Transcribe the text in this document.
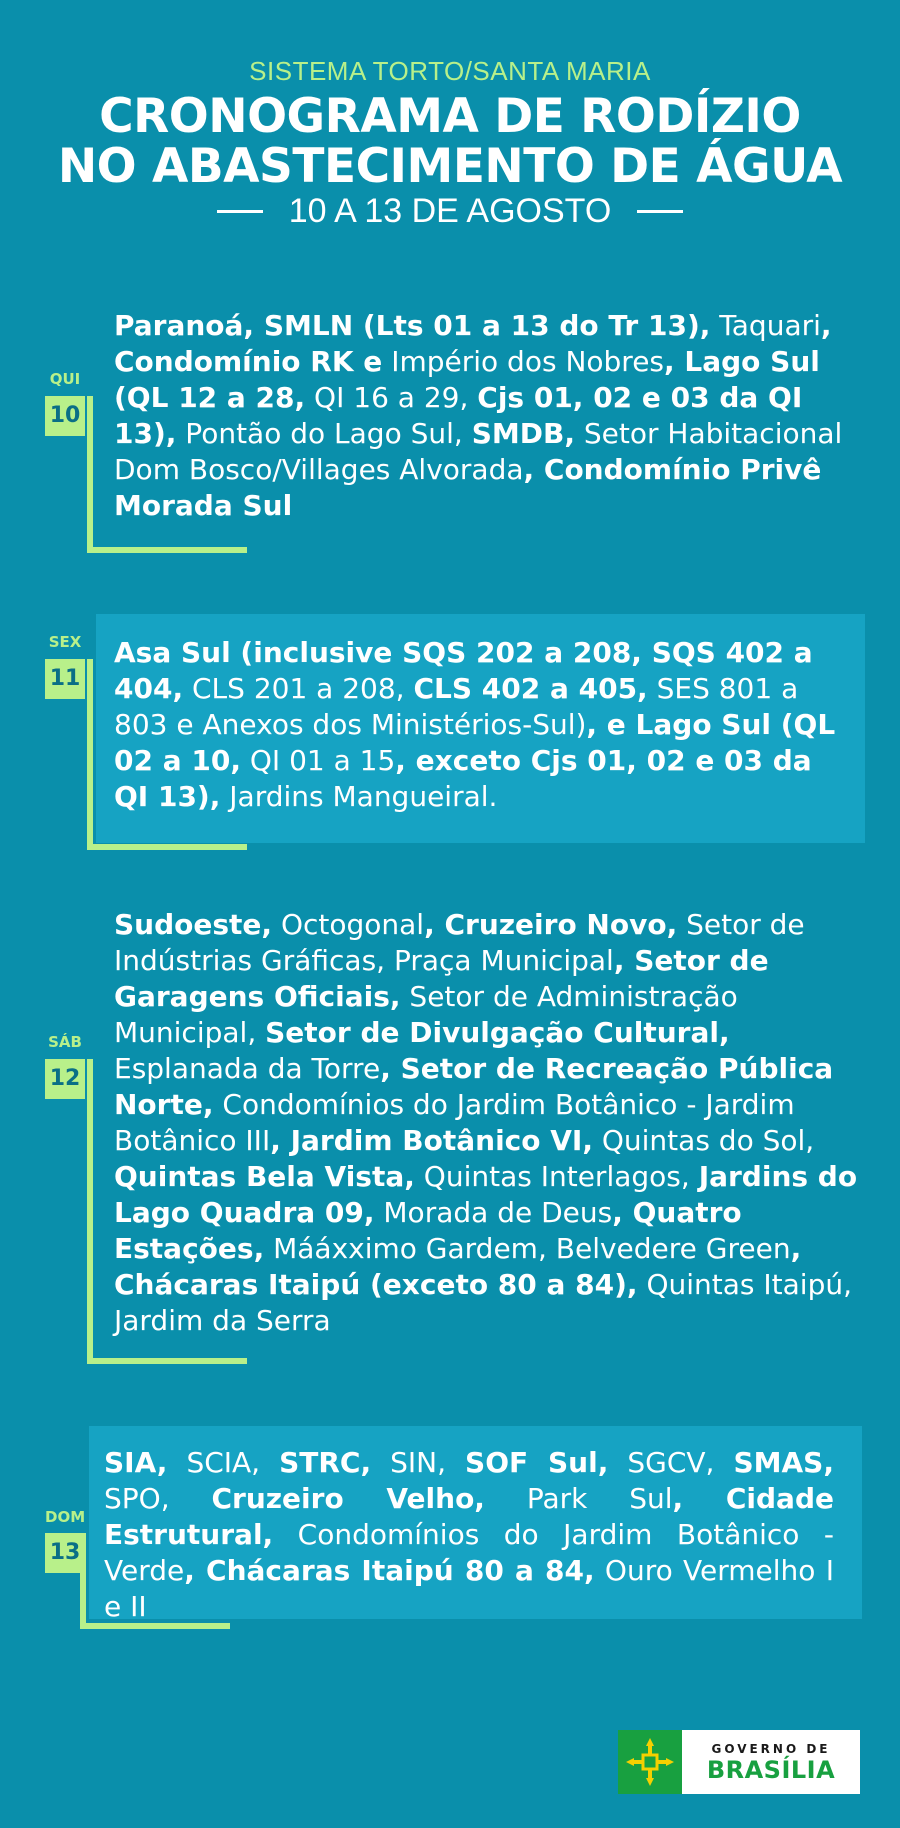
SISTEMA TORTO/SANTA MARIA
CRONOGRAMA DE RODÍZIO
NO ABASTECIMENTO DE ÁGUA
10 A 13 DE AGOSTO
QUI
10
Paranoá, SMLN (Lts 01 a 13 do Tr 13), Taquari, Condomínio RK e Império dos Nobres, Lago Sul (QL 12 a 28, QI 16 a 29, Cjs 01, 02 e 03 da QI 13), Pontão do Lago Sul, SMDB, Setor Habitacional Dom Bosco/Villages Alvorada, Condomínio Privê Morada Sul
SEX
11
Asa Sul (inclusive SQS 202 a 208, SQS 402 a 404, CLS 201 a 208, CLS 402 a 405, SES 801 a 803 e Anexos dos Ministérios-Sul), e Lago Sul (QL 02 a 10, QI 01 a 15, exceto Cjs 01, 02 e 03 da QI 13), Jardins Mangueiral.
SÁB
12
Sudoeste, Octogonal, Cruzeiro Novo, Setor de Indústrias Gráficas, Praça Municipal, Setor de Garagens Oficiais, Setor de Administração Municipal, Setor de Divulgação Cultural, Esplanada da Torre, Setor de Recreação Pública Norte, Condomínios do Jardim Botânico - Jardim Botânico III, Jardim Botânico VI, Quintas do Sol, Quintas Bela Vista, Quintas Interlagos, Jardins do Lago Quadra 09, Morada de Deus, Quatro Estações, Mááxximo Gardem, Belvedere Green, Chácaras Itaipú (exceto 80 a 84), Quintas Itaipú, Jardim da Serra
DOM
13
SIA, SCIA, STRC, SIN, SOF Sul, SGCV, SMAS, SPO, Cruzeiro Velho, Park Sul, Cidade Estrutural, Condomínios do Jardim Botânico - Verde, Chácaras Itaipú 80 a 84, Ouro Vermelho I e II
GOVERNO DE
BRASÍLIA
